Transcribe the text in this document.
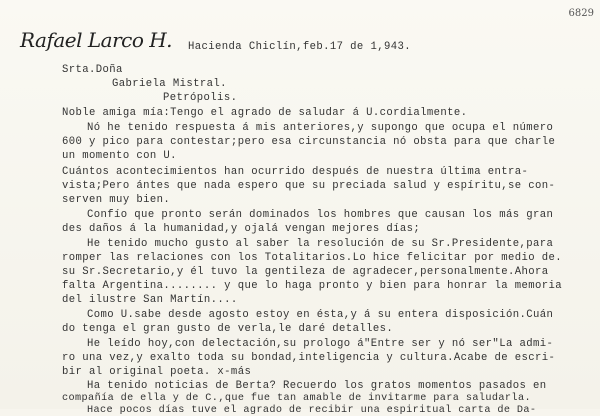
6829
Rafael Larco H. Hacienda Chiclín,feb.17 de 1,943.
Srta.Doña
Gabriela Mistral.
Petrópolis.
Noble amiga mía:Tengo el agrado de saludar á U.cordialmente.
Nó he tenido respuesta á mis anteriores,y supongo que ocupa el número
600 y pico para contestar;pero esa circunstancia nó obsta para que charle
un momento con U.
Cuántos acontecimientos han ocurrido después de nuestra última entra-
vista;Pero ántes que nada espero que su preciada salud y espíritu,se con-
serven muy bien.
Confío que pronto serán dominados los hombres que causan los más gran
des daños á la humanidad,y ojalá vengan mejores días;
He tenido mucho gusto al saber la resolución de su Sr.Presidente,para
romper las relaciones con los Totalitarios.Lo hice felicitar por medio de.
su Sr.Secretario,y él tuvo la gentileza de agradecer,personalmente.Ahora
falta Argentina........ y que lo haga pronto y bien para honrar la memoria
del ilustre San Martín....
Como U.sabe desde agosto estoy en ésta,y á su entera disposición.Cuán
do tenga el gran gusto de verla,le daré detalles.
He leído hoy,con delectación,su prologo á"Entre ser y nó ser"La admi-
ro una vez,y exalto toda su bondad,inteligencia y cultura.Acabe de escri-
bir al original poeta. x-más
Ha tenido noticias de Berta? Recuerdo los gratos momentos pasados en
compañía de ella y de C.,que fue tan amable de invitarme para saludarla.
Hace pocos días tuve el agrado de recibir una espiritual carta de Da-
